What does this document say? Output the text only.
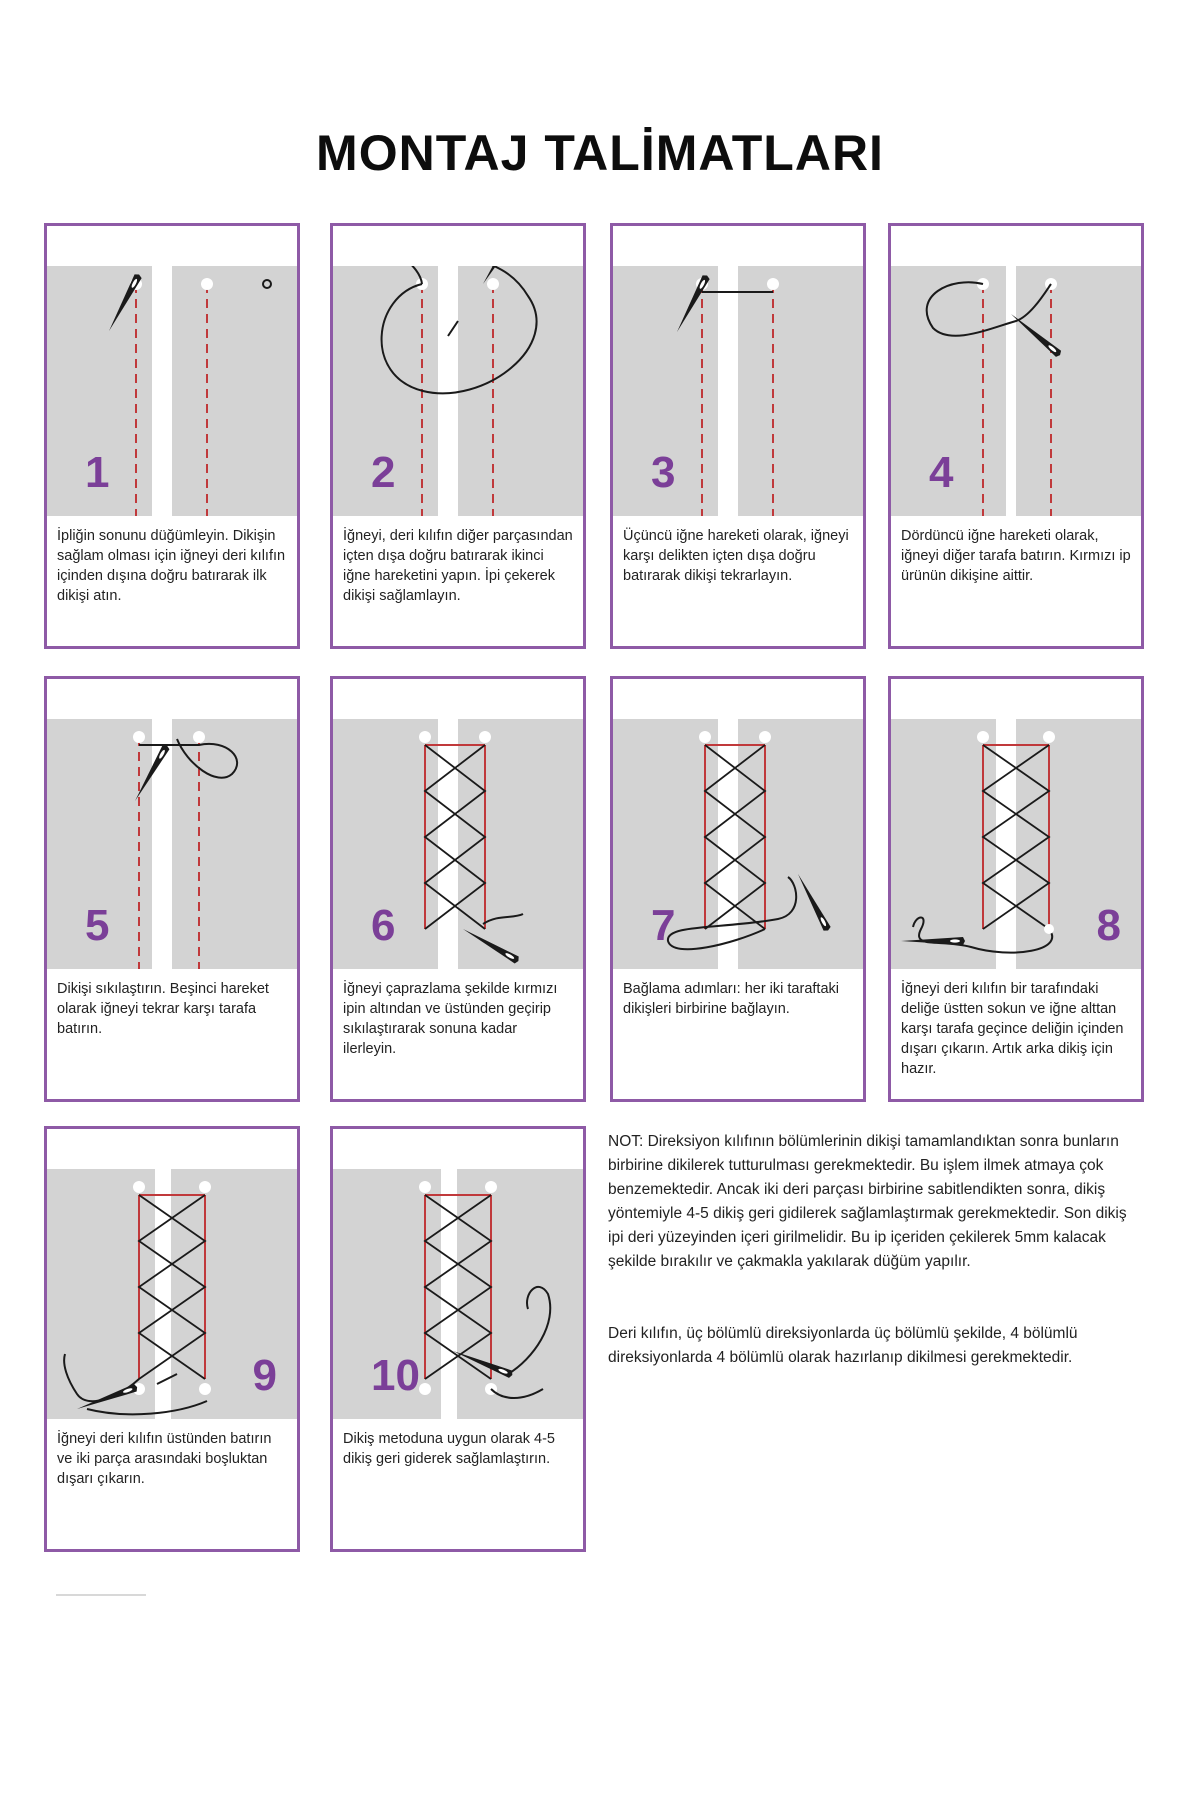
MONTAJ TALİMATLARI
1

İpliğin sonunu düğümleyin. Dikişin sağlam olması için iğneyi deri kılıfın içinden dışına doğru batırarak ilk dikişi atın.

2

İğneyi, deri kılıfın diğer parçasından içten dışa doğru batırarak ikinci iğne hareketini yapın. İpi çekerek dikişi sağlamlayın.

3

Üçüncü iğne hareketi olarak, iğneyi karşı delikten içten dışa doğru batırarak dikişi tekrarlayın.

4

Dördüncü iğne hareketi olarak, iğneyi diğer tarafa batırın. Kırmızı ip ürünün dikişine aittir.

5

Dikişi sıkılaştırın. Beşinci hareket olarak iğneyi tekrar karşı tarafa batırın.

6

İğneyi çaprazlama şekilde kırmızı ipin altından ve üstünden geçirip sıkılaştırarak sonuna kadar ilerleyin.

7

Bağlama adımları: her iki taraftaki dikişleri birbirine bağlayın.

8

İğneyi deri kılıfın bir tarafındaki deliğe üstten sokun ve iğne alttan karşı tarafa geçince deliğin içinden dışarı çıkarın. Artık arka dikiş için hazır.

9

İğneyi deri kılıfın üstünden batırın ve iki parça arasındaki boşluktan dışarı çıkarın.

10

Dikiş metoduna uygun olarak 4-5 dikiş geri giderek sağlamlaştırın.

NOT: Direksiyon kılıfının bölümlerinin dikişi tamamlandıktan sonra bunların birbirine dikilerek tutturulması gerekmektedir. Bu işlem ilmek atmaya çok benzemektedir. Ancak iki deri parçası birbirine sabitlendikten sonra, dikiş yöntemiyle 4-5 dikiş geri gidilerek sağlamlaştırmak gerekmektedir. Son dikiş ipi deri yüzeyinden içeri girilmelidir. Bu ip içeriden çekilerek 5mm kalacak şekilde bırakılır ve çakmakla yakılarak düğüm yapılır.

Deri kılıfın, üç bölümlü direksiyonlarda üç bölümlü şekilde, 4 bölümlü direksiyonlarda 4 bölümlü olarak hazırlanıp dikilmesi gerekmektedir.
